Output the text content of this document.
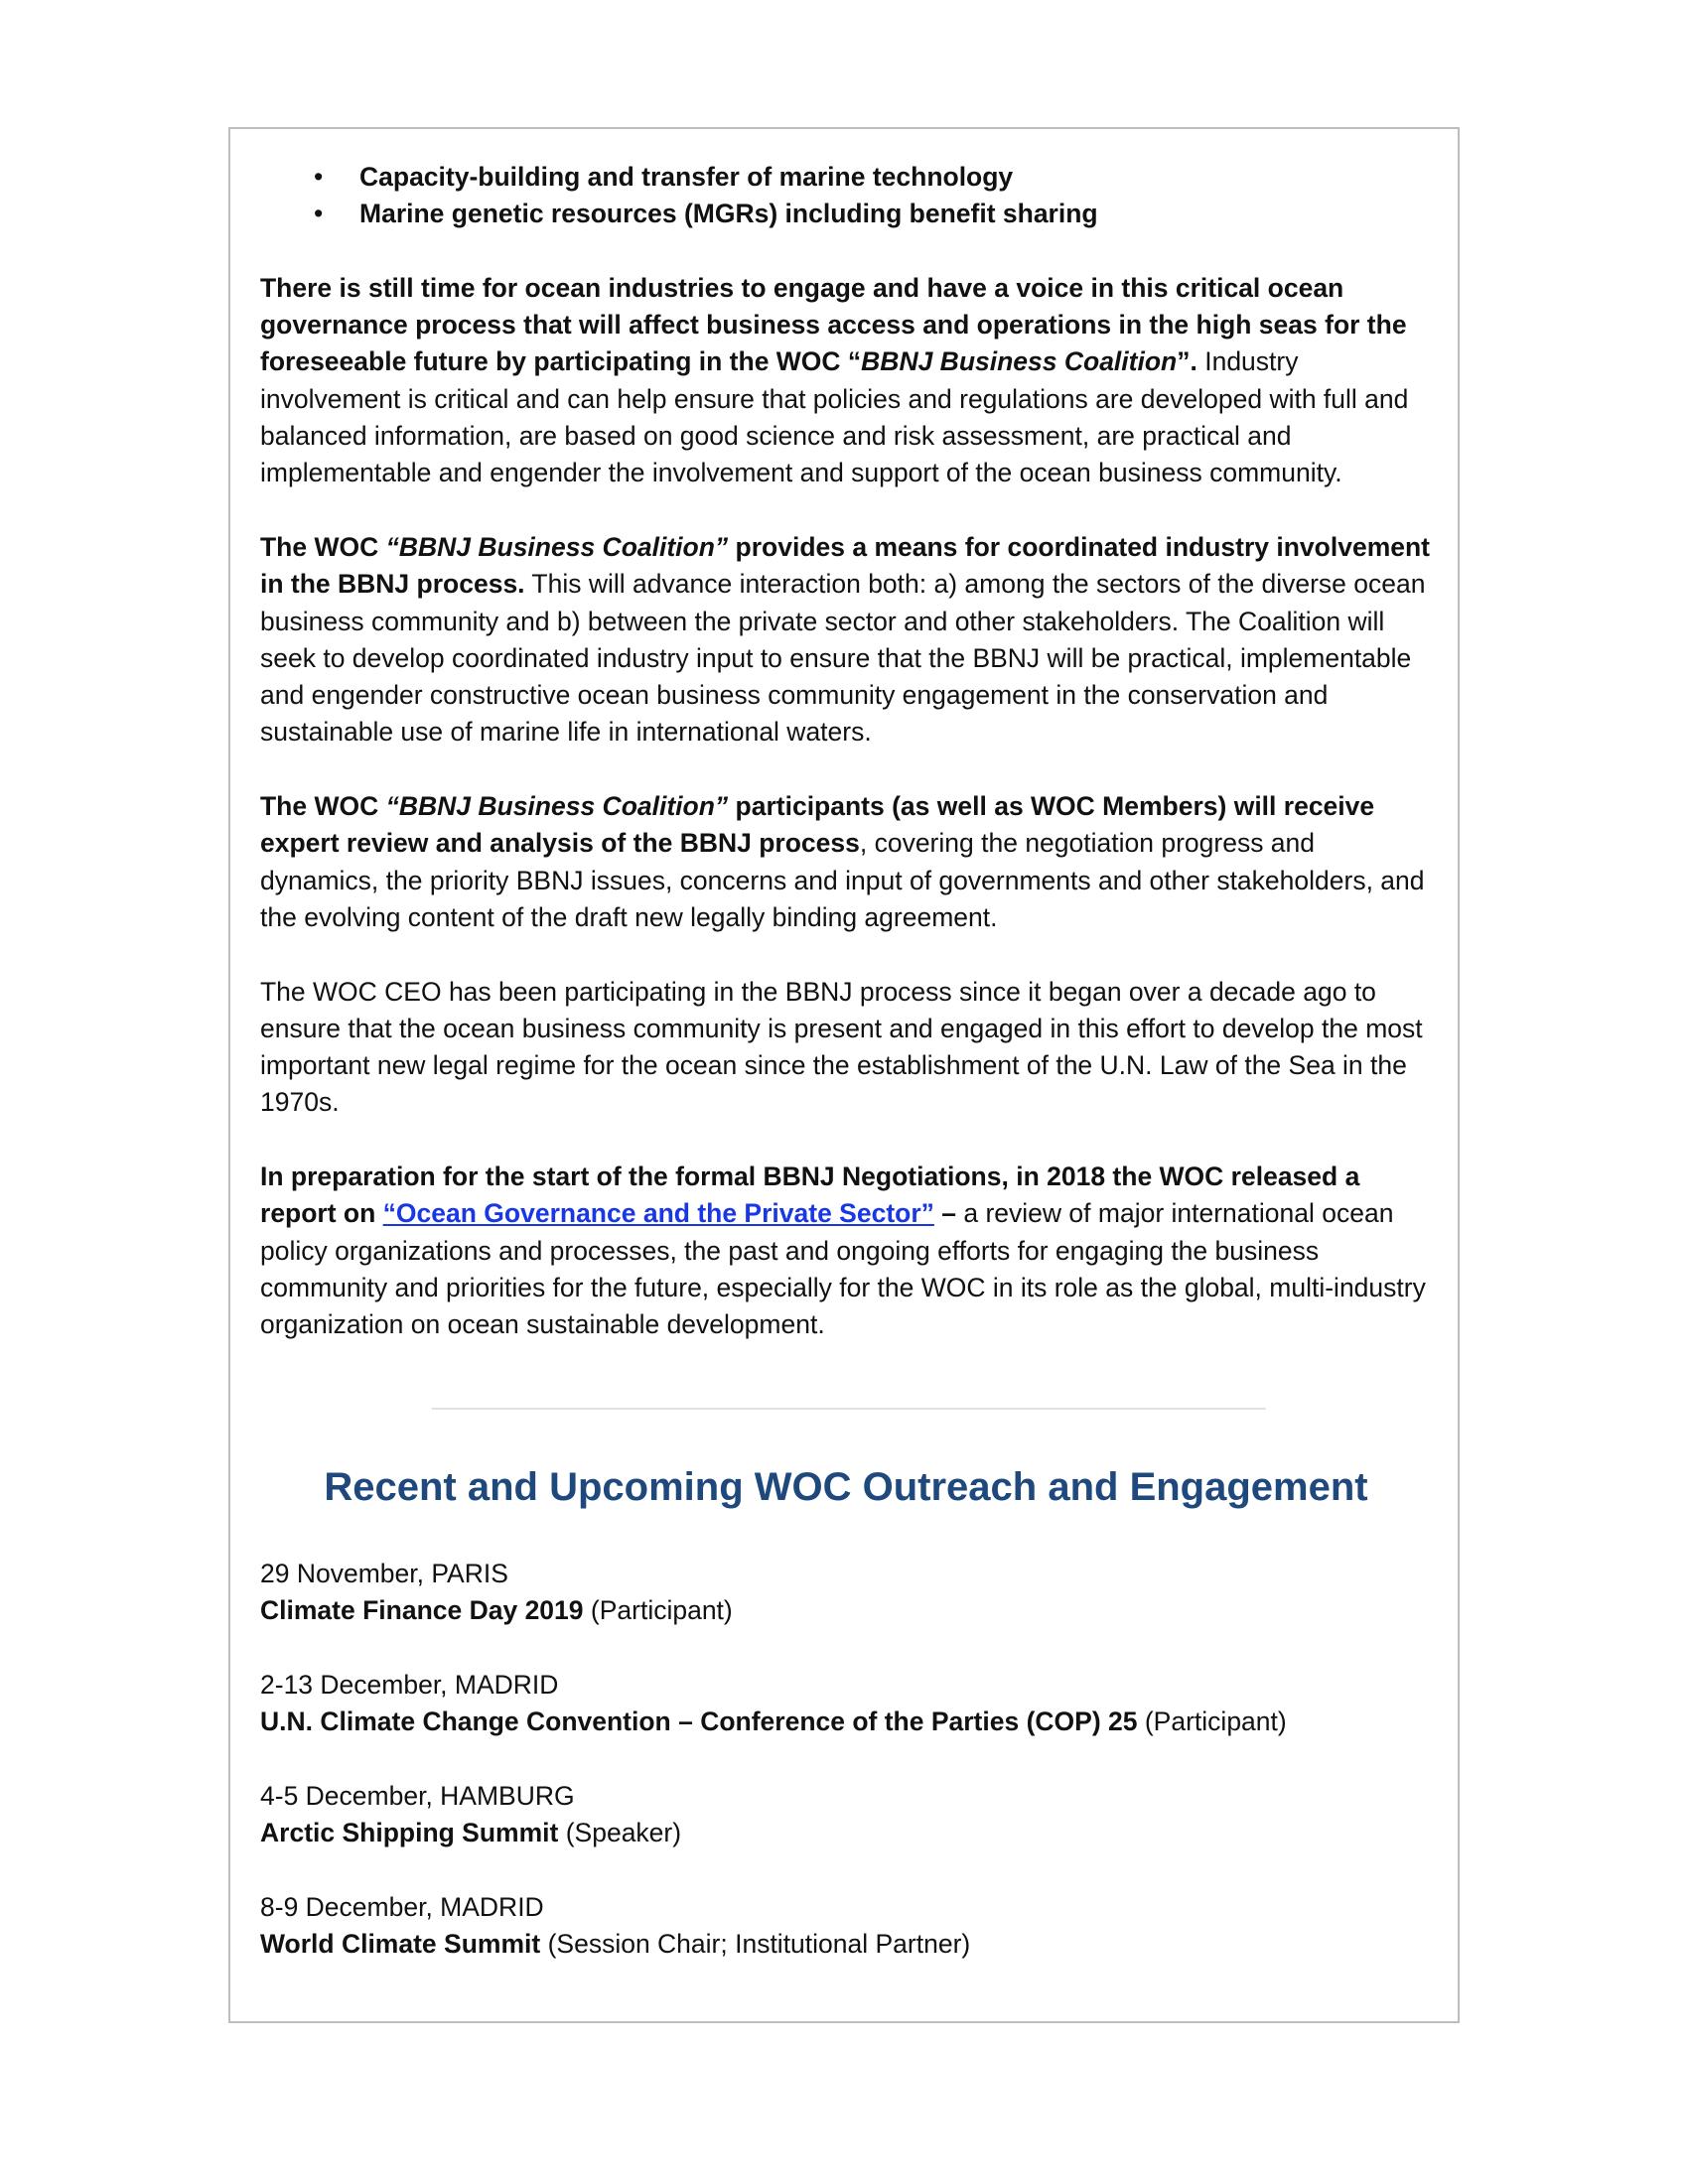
• Capacity-building and transfer of marine technology
• Marine genetic resources (MGRs) including benefit sharing

There is still time for ocean industries to engage and have a voice in this critical ocean governance process that will affect business access and operations in the high seas for the foreseeable future by participating in the WOC “BBNJ Business Coalition”. Industry involvement is critical and can help ensure that policies and regulations are developed with full and balanced information, are based on good science and risk assessment, are practical and implementable and engender the involvement and support of the ocean business community.

The WOC “BBNJ Business Coalition” provides a means for coordinated industry involvement in the BBNJ process. This will advance interaction both: a) among the sectors of the diverse ocean business community and b) between the private sector and other stakeholders. The Coalition will seek to develop coordinated industry input to ensure that the BBNJ will be practical, implementable and engender constructive ocean business community engagement in the conservation and sustainable use of marine life in international waters.

The WOC “BBNJ Business Coalition” participants (as well as WOC Members) will receive expert review and analysis of the BBNJ process, covering the negotiation progress and dynamics, the priority BBNJ issues, concerns and input of governments and other stakeholders, and the evolving content of the draft new legally binding agreement.

The WOC CEO has been participating in the BBNJ process since it began over a decade ago to ensure that the ocean business community is present and engaged in this effort to develop the most important new legal regime for the ocean since the establishment of the U.N. Law of the Sea in the 1970s.

In preparation for the start of the formal BBNJ Negotiations, in 2018 the WOC released a report on “Ocean Governance and the Private Sector” – a review of major international ocean policy organizations and processes, the past and ongoing efforts for engaging the business community and priorities for the future, especially for the WOC in its role as the global, multi-industry organization on ocean sustainable development.

Recent and Upcoming WOC Outreach and Engagement
29 November, PARIS
Climate Finance Day 2019 (Participant)
2-13 December, MADRID
U.N. Climate Change Convention – Conference of the Parties (COP) 25 (Participant)
4-5 December, HAMBURG
Arctic Shipping Summit (Speaker)
8-9 December, MADRID
World Climate Summit (Session Chair; Institutional Partner)
